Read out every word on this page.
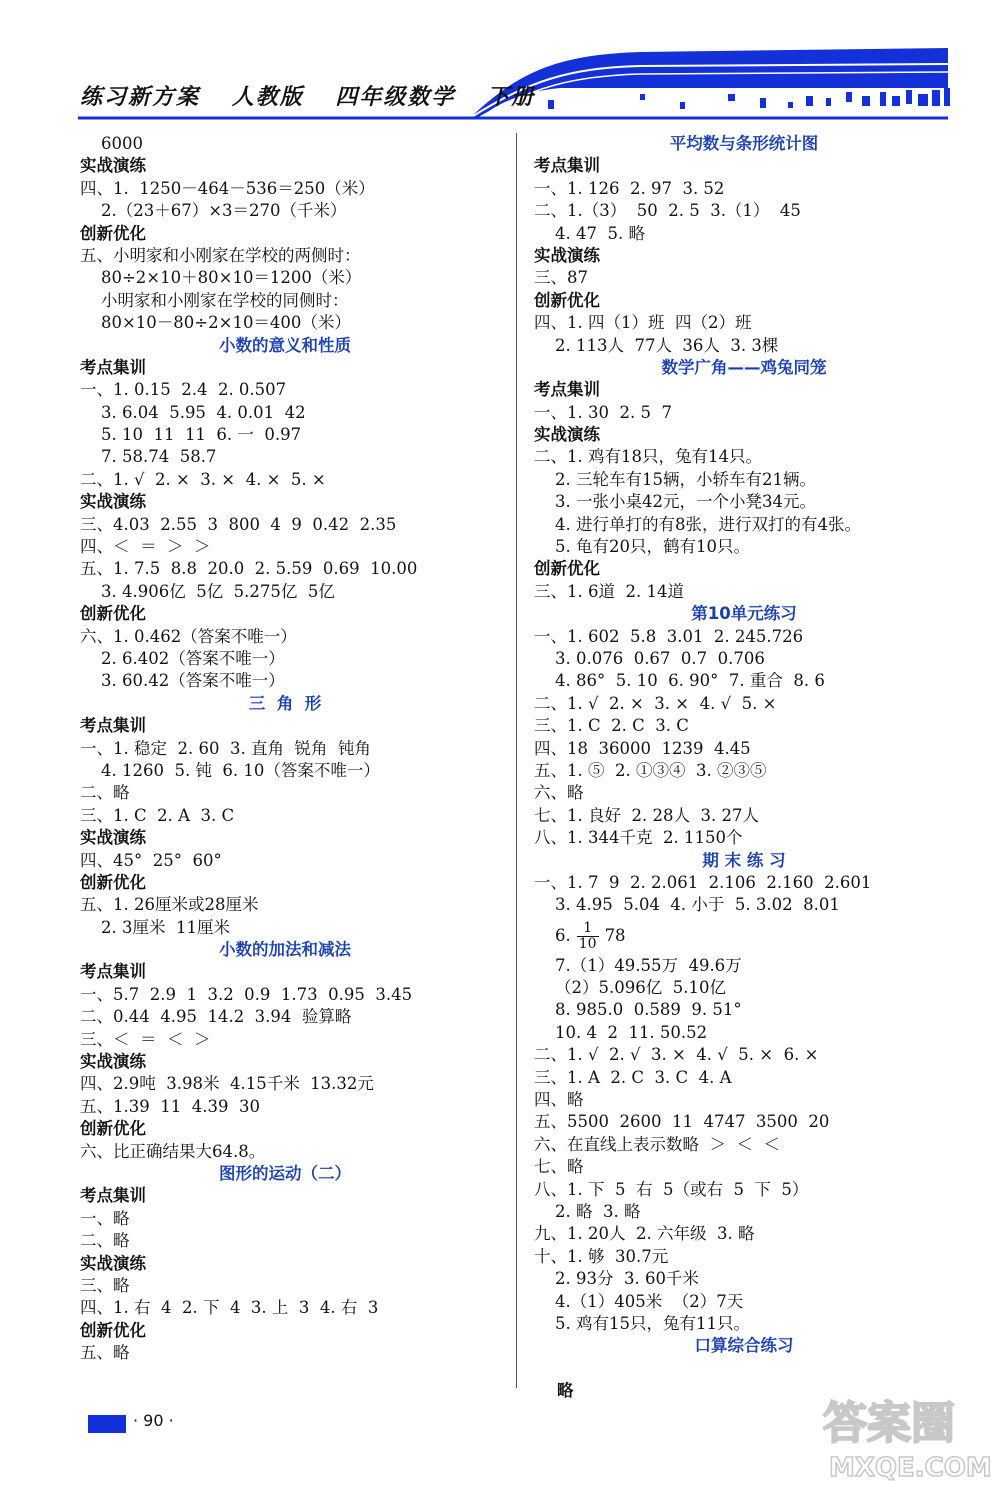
练习新方案 人教版 四年级数学 下册
6000
实战演练
四、1.  1250－464－536＝250（米）
2.（23＋67）×3＝270（千米）
创新优化
五、小明家和小刚家在学校的两侧时：
80÷2×10＋80×10＝1200（米）
小明家和小刚家在学校的同侧时：
80×10－80÷2×10＝400（米）
小数的意义和性质
考点集训
一、1. 0.15  2.4  2. 0.507
3. 6.04  5.95  4. 0.01  42
5. 10  11  11  6. 一  0.97
7. 58.74  58.7
二、1. √  2. ×  3. ×  4. ×  5. ×
实战演练
三、4.03  2.55  3  800  4  9  0.42  2.35
四、＜  ＝  ＞  ＞
五、1. 7.5  8.8  20.0  2. 5.59  0.69  10.00
3. 4.906亿  5亿  5.275亿  5亿
创新优化
六、1. 0.462（答案不唯一）
2. 6.402（答案不唯一）
3. 60.42（答案不唯一）
三  角  形
考点集训
一、1. 稳定  2. 60  3. 直角  锐角  钝角
4. 1260  5. 钝  6. 10（答案不唯一）
二、略
三、1. C  2. A  3. C
实战演练
四、45°  25°  60°
创新优化
五、1. 26厘米或28厘米
2. 3厘米  11厘米
小数的加法和减法
考点集训
一、5.7  2.9  1  3.2  0.9  1.73  0.95  3.45
二、0.44  4.95  14.2  3.94  验算略
三、＜  ＝  ＜  ＞
实战演练
四、2.9吨  3.98米  4.15千米  13.32元
五、1.39  11  4.39  30
创新优化
六、比正确结果大64.8。
图形的运动（二）
考点集训
一、略
二、略
实战演练
三、略
四、1. 右  4  2. 下  4  3. 上  3  4. 右  3
创新优化
五、略
平均数与条形统计图
考点集训
一、1. 126  2. 97  3. 52
二、1.（3）  50  2. 5  3.（1）  45
4. 47  5. 略
实战演练
三、87
创新优化
四、1. 四（1）班  四（2）班
2. 113人  77人  36人  3. 3棵
数学广角——鸡兔同笼
考点集训
一、1. 30  2. 5  7
实战演练
二、1. 鸡有18只，兔有14只。
2. 三轮车有15辆，小轿车有21辆。
3. 一张小桌42元，一个小凳34元。
4. 进行单打的有8张，进行双打的有4张。
5. 龟有20只，鹤有10只。
创新优化
三、1. 6道  2. 14道
第10单元练习
一、1. 602  5.8  3.01  2. 245.726
3. 0.076  0.67  0.7  0.706
4. 86°  5. 10  6. 90°  7. 重合  8. 6
二、1. √  2. ×  3. ×  4. √  5. ×
三、1. C  2. C  3. C
四、18  36000  1239  4.45
五、1. ⑤  2. ①③④  3. ②③⑤
六、略
七、1. 良好  2. 28人  3. 27人
八、1. 344千克  2. 1150个
期 末 练 习
一、1. 7  9  2. 2.061  2.106  2.160  2.601
3. 4.95  5.04  4. 小于  5. 3.02  8.01
6. $\frac{1}{10} 78$
7.（1）49.55万  49.6万
（2）5.096亿  5.10亿
8. 985.0  0.589  9. 51°
10. 4  2  11. 50.52
二、1. √  2. √  3. ×  4. √  5. ×  6. ×
三、1. A  2. C  3. C  4. A
四、略
五、5500  2600  11  4747  3500  20
六、在直线上表示数略  ＞  ＜  ＜
七、略
八、1. 下  5  右  5（或右  5  下  5）
2. 略  3. 略
九、1. 20人  2. 六年级  3. 略
十、1. 够  30.7元
2. 93分  3. 60千米
4.（1）405米  （2）7天
5. 鸡有15只，兔有11只。
口算综合练习
略
· 90 ·	答案圈
MXQE.COM
